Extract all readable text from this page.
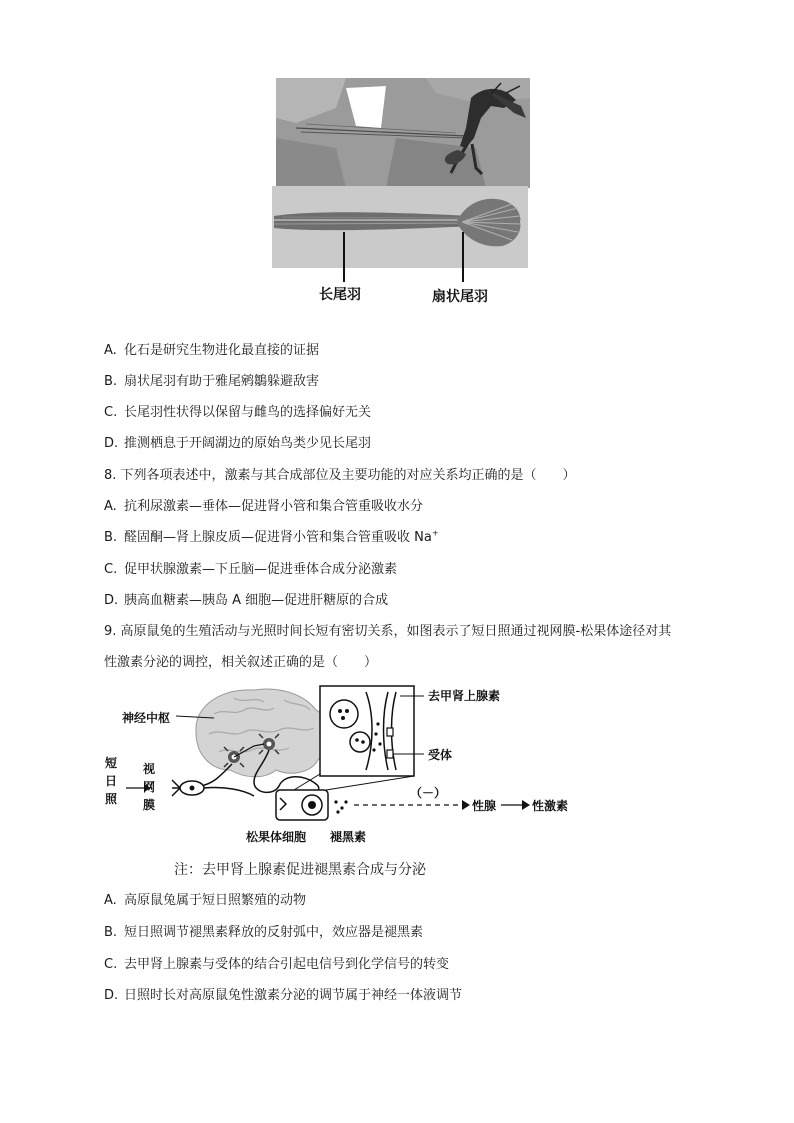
长尾羽	扇状尾羽
A. 化石是研究生物进化最直接的证据
B. 扇状尾羽有助于雅尾鹓鶵躲避敌害
C. 长尾羽性状得以保留与雌鸟的选择偏好无关
D. 推测栖息于开阔湖边的原始鸟类少见长尾羽
8. 下列各项表述中，激素与其合成部位及主要功能的对应关系均正确的是（　　）
A. 抗利尿激素—垂体—促进肾小管和集合管重吸收水分
B. 醛固酮—肾上腺皮质—促进肾小管和集合管重吸收 Na+
C. 促甲状腺激素—下丘脑—促进垂体合成分泌激素
D. 胰高血糖素—胰岛 A 细胞—促进肝糖原的合成
9. 高原鼠兔的生殖活动与光照时间长短有密切关系，如图表示了短日照通过视网膜-松果体途径对其
性激素分泌的调控，相关叙述正确的是（　　）
神经中枢
短
日
照
视
网
膜
松果体细胞 褪黑素
去甲肾上腺素
受体
（－）
性腺	性激素
注：去甲肾上腺素促进褪黑素合成与分泌
A. 高原鼠兔属于短日照繁殖的动物
B. 短日照调节褪黑素释放的反射弧中，效应器是褪黑素
C. 去甲肾上腺素与受体的结合引起电信号到化学信号的转变
D. 日照时长对高原鼠兔性激素分泌的调节属于神经一体液调节
